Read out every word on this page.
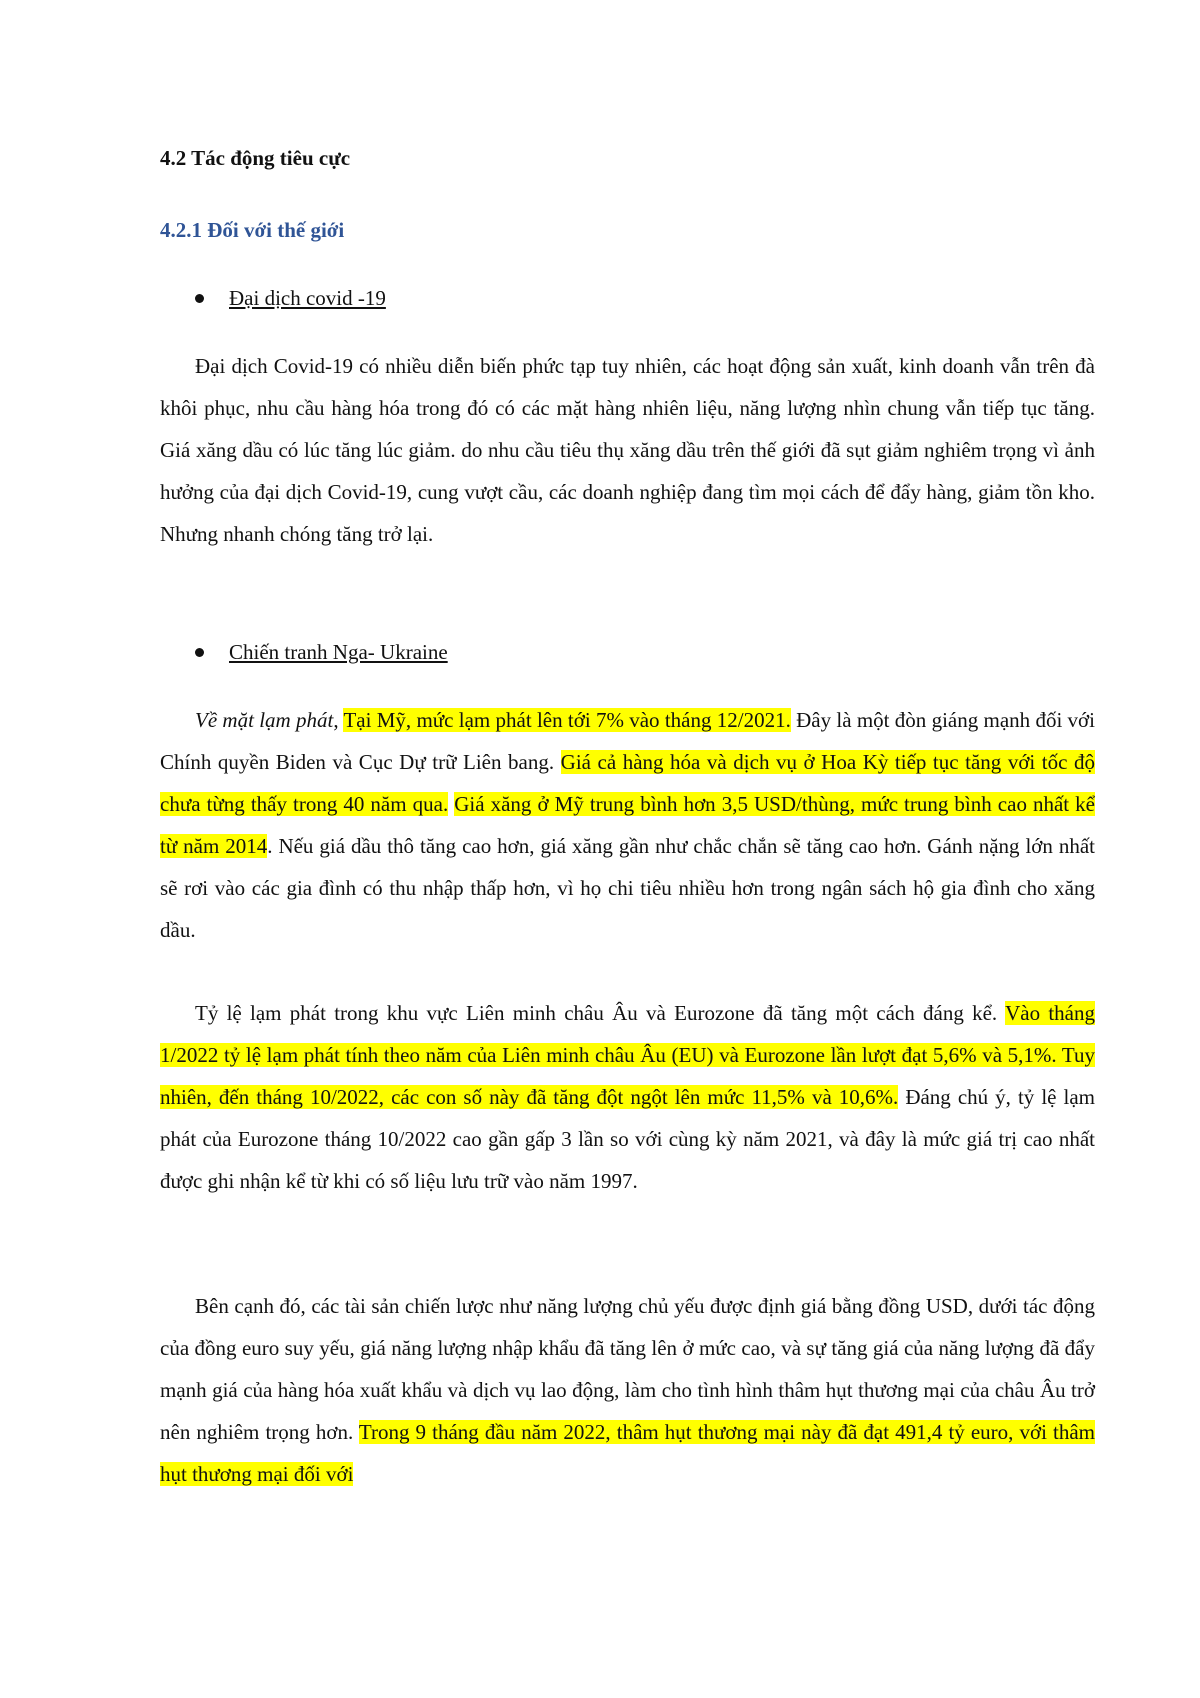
4.2 Tác động tiêu cực
4.2.1 Đối với thế giới
Đại dịch covid -19
Đại dịch Covid-19 có nhiều diễn biến phức tạp tuy nhiên, các hoạt động sản xuất, kinh doanh vẫn trên đà khôi phục, nhu cầu hàng hóa trong đó có các mặt hàng nhiên liệu, năng lượng nhìn chung vẫn tiếp tục tăng. Giá xăng dầu có lúc tăng lúc giảm. do nhu cầu tiêu thụ xăng dầu trên thế giới đã sụt giảm nghiêm trọng vì ảnh hưởng của đại dịch Covid-19, cung vượt cầu, các doanh nghiệp đang tìm mọi cách để đẩy hàng, giảm tồn kho. Nhưng nhanh chóng tăng trở lại.
Chiến tranh Nga- Ukraine
Về mặt lạm phát, Tại Mỹ, mức lạm phát lên tới 7% vào tháng 12/2021. Đây là một đòn giáng mạnh đối với Chính quyền Biden và Cục Dự trữ Liên bang. Giá cả hàng hóa và dịch vụ ở Hoa Kỳ tiếp tục tăng với tốc độ chưa từng thấy trong 40 năm qua. Giá xăng ở Mỹ trung bình hơn 3,5 USD/thùng, mức trung bình cao nhất kể từ năm 2014. Nếu giá dầu thô tăng cao hơn, giá xăng gần như chắc chắn sẽ tăng cao hơn. Gánh nặng lớn nhất sẽ rơi vào các gia đình có thu nhập thấp hơn, vì họ chi tiêu nhiều hơn trong ngân sách hộ gia đình cho xăng dầu.
Tỷ lệ lạm phát trong khu vực Liên minh châu Âu và Eurozone đã tăng một cách đáng kể. Vào tháng 1/2022 tỷ lệ lạm phát tính theo năm của Liên minh châu Âu (EU) và Eurozone lần lượt đạt 5,6% và 5,1%. Tuy nhiên, đến tháng 10/2022, các con số này đã tăng đột ngột lên mức 11,5% và 10,6%. Đáng chú ý, tỷ lệ lạm phát của Eurozone tháng 10/2022 cao gần gấp 3 lần so với cùng kỳ năm 2021, và đây là mức giá trị cao nhất được ghi nhận kể từ khi có số liệu lưu trữ vào năm 1997.
Bên cạnh đó, các tài sản chiến lược như năng lượng chủ yếu được định giá bằng đồng USD, dưới tác động của đồng euro suy yếu, giá năng lượng nhập khẩu đã tăng lên ở mức cao, và sự tăng giá của năng lượng đã đẩy mạnh giá của hàng hóa xuất khẩu và dịch vụ lao động, làm cho tình hình thâm hụt thương mại của châu Âu trở nên nghiêm trọng hơn. Trong 9 tháng đầu năm 2022, thâm hụt thương mại này đã đạt 491,4 tỷ euro, với thâm hụt thương mại đối với
